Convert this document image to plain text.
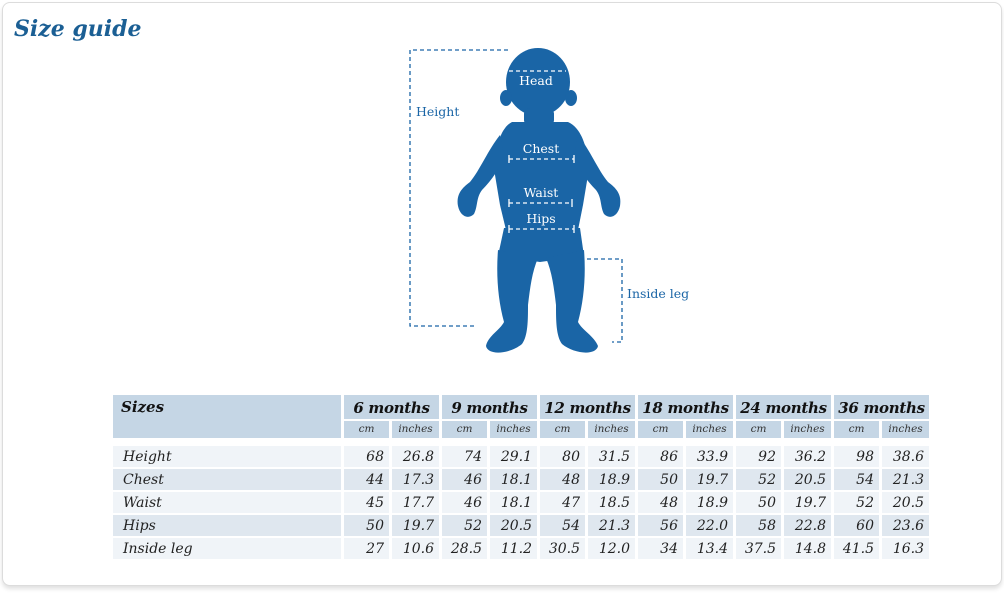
Size guide
Height
Head
Chest
Waist
Hips
Inside leg
Sizes	6 months		9 months		12 months		18 months		24 months		36 months	
	cm	inches	cm	inches	cm	inches	cm	inches	cm	inches	cm	inches

Height	68	26.8	74	29.1	80	31.5	86	33.9	92	36.2	98	38.6
Chest	44	17.3	46	18.1	48	18.9	50	19.7	52	20.5	54	21.3
Waist	45	17.7	46	18.1	47	18.5	48	18.9	50	19.7	52	20.5
Hips	50	19.7	52	20.5	54	21.3	56	22.0	58	22.8	60	23.6
Inside leg	27	10.6	28.5	11.2	30.5	12.0	34	13.4	37.5	14.8	41.5	16.3
